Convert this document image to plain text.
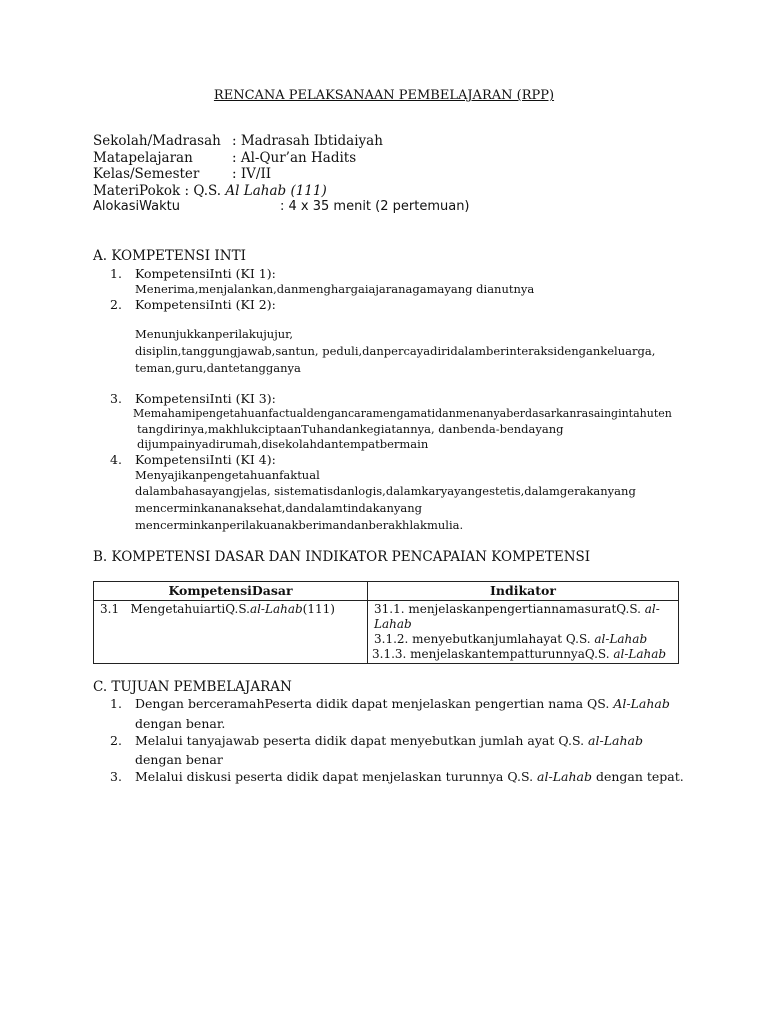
RENCANA PELAKSANAAN PEMBELAJARAN (RPP)
Sekolah/Madrasah : Madrasah Ibtidaiyah
Matapelajaran	: Al-Qur’an Hadits
Kelas/Semester : IV/II
MateriPokok : Q.S. Al Lahab (111)
AlokasiWaktu	: 4 x 35 menit (2 pertemuan)
A. KOMPETENSI INTI
1. KompetensiInti (KI 1):
Menerima,menjalankan,danmenghargaiajaranagamayang dianutnya
2. KompetensiInti (KI 2):
Menunjukkanperilakujujur,
disiplin,tanggungjawab,santun, peduli,danpercayadiridalamberinteraksidengankeluarga,
teman,guru,dantetangganya
3. KompetensiInti (KI 3):
Memahamipengetahuanfactualdengancaramengamatidanmenanyaberdasarkanrasaingintahuten
tangdirinya,makhlukciptaanTuhandankegiatannya, danbenda-bendayang
dijumpainyadirumah,disekolahdantempatbermain
4. KompetensiInti (KI 4):
Menyajikanpengetahuanfaktual
dalambahasayangjelas, sistematisdanlogis,dalamkaryayangestetis,dalamgerakanyang
mencerminkananaksehat,dandalamtindakanyang
mencerminkanperilakuanakberimandanberakhlakmulia.
B. KOMPETENSI DASAR DAN INDIKATOR PENCAPAIAN KOMPETENSI
KompetensiDasar	Indikator

3.1 MengetahuiartiQ.S.al-Lahab(111)	31.1. menjelaskanpengertiannamasuratQ.S. al-
Lahab
3.1.2. menyebutkanjumlahayat Q.S. al-Lahab
3.1.3. menjelaskantempatturunnyaQ.S. al-Lahab
C. TUJUAN PEMBELAJARAN
1. Dengan berceramahPeserta didik dapat menjelaskan pengertian nama QS. Al-Lahab
dengan benar.
2. Melalui tanyajawab peserta didik dapat menyebutkan jumlah ayat Q.S. al-Lahab
dengan benar
3. Melalui diskusi peserta didik dapat menjelaskan turunnya Q.S. al-Lahab dengan tepat.
